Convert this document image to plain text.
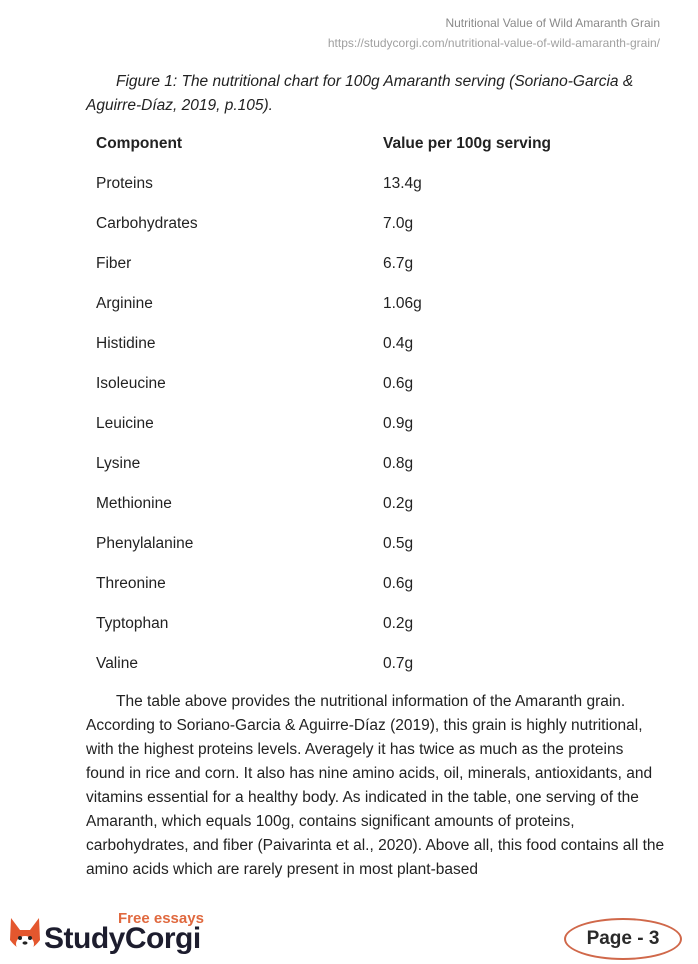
Nutritional Value of Wild Amaranth Grain
https://studycorgi.com/nutritional-value-of-wild-amaranth-grain/
Figure 1: The nutritional chart for 100g Amaranth serving (Soriano-Garcia & Aguirre-Díaz, 2019, p.105).
Component	Value per 100g serving
Proteins	13.4g
Carbohydrates	7.0g
Fiber	6.7g
Arginine	1.06g
Histidine	0.4g
Isoleucine	0.6g
Leuicine	0.9g
Lysine	0.8g
Methionine	0.2g
Phenylalanine	0.5g
Threonine	0.6g
Typtophan	0.2g
Valine	0.7g
The table above provides the nutritional information of the Amaranth grain. According to Soriano-Garcia & Aguirre-Díaz (2019), this grain is highly nutritional, with the highest proteins levels. Averagely it has twice as much as the proteins found in rice and corn. It also has nine amino acids, oil, minerals, antioxidants, and vitamins essential for a healthy body. As indicated in the table, one serving of the Amaranth, which equals 100g, contains significant amounts of proteins, carbohydrates, and fiber (Paivarinta et al., 2020). Above all, this food contains all the amino acids which are rarely present in most plant-based
Free essays
StudyCorgi	Page - 3
